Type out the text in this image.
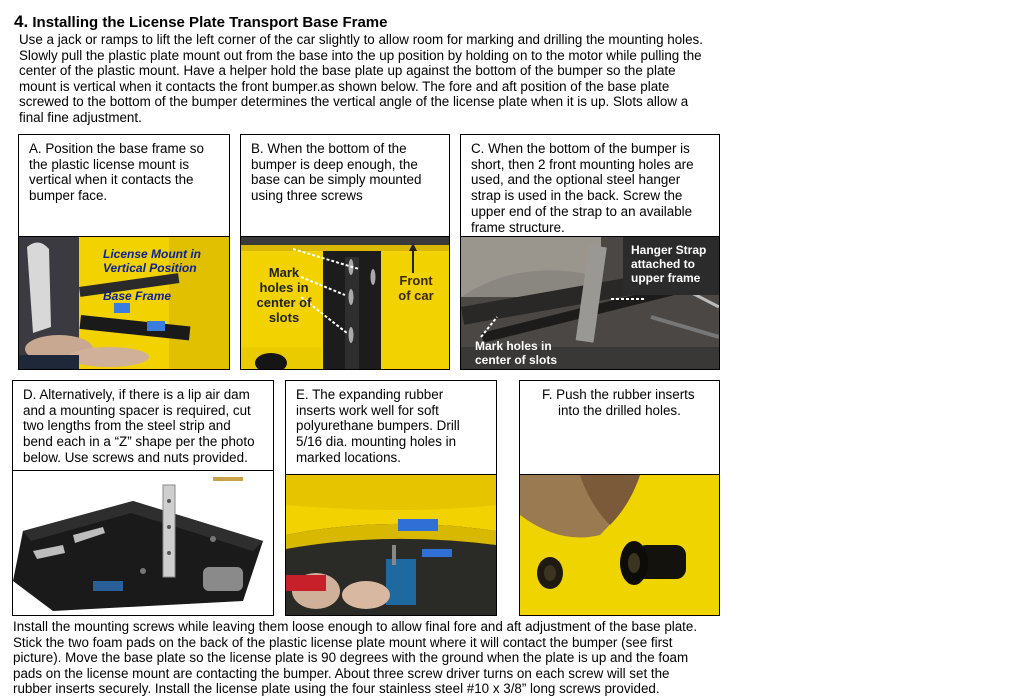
4. Installing the License Plate Transport Base Frame

Use a jack or ramps to lift the left corner of the car slightly to allow room for marking and drilling the mounting holes.

Slowly pull the plastic plate mount out from the base into the up position by holding on to the motor while pulling the

center of the plastic mount. Have a helper hold the base plate up against the bottom of the bumper so the plate

mount is vertical when it contacts the front bumper.as shown below. The fore and aft position of the base plate

screwed to the bottom of the bumper determines the vertical angle of the license plate when it is up. Slots allow a

final fine adjustment.

A. Position the base frame so

the plastic license mount is

vertical when it contacts the

bumper face.

License Mount in
Vertical Position
Base Frame

B. When the bottom of the

bumper is deep enough, the

base can be simply mounted

using three screws

Mark
holes in
center of
slots
Front
of car

C. When the bottom of the bumper is

short, then 2 front mounting holes are

used, and the optional steel hanger

strap is used in the back. Screw the

upper end of the strap to an available

frame structure.

Hanger Strap
attached to
upper frame
Mark holes in
center of slots

D. Alternatively, if there is a lip air dam

and a mounting spacer is required, cut

two lengths from the steel strip and

bend each in a “Z” shape per the photo

below. Use screws and nuts provided.

E. The expanding rubber

inserts work well for soft

polyurethane bumpers. Drill

5/16 dia. mounting holes in

marked locations.

F. Push the rubber inserts

into the drilled holes.

Install the mounting screws while leaving them loose enough to allow final fore and aft adjustment of the base plate.

Stick the two foam pads on the back of the plastic license plate mount where it will contact the bumper (see first

picture). Move the base plate so the license plate is 90 degrees with the ground when the plate is up and the foam

pads on the license mount are contacting the bumper. About three screw driver turns on each screw will set the

rubber inserts securely. Install the license plate using the four stainless steel #10 x 3/8” long screws provided.
